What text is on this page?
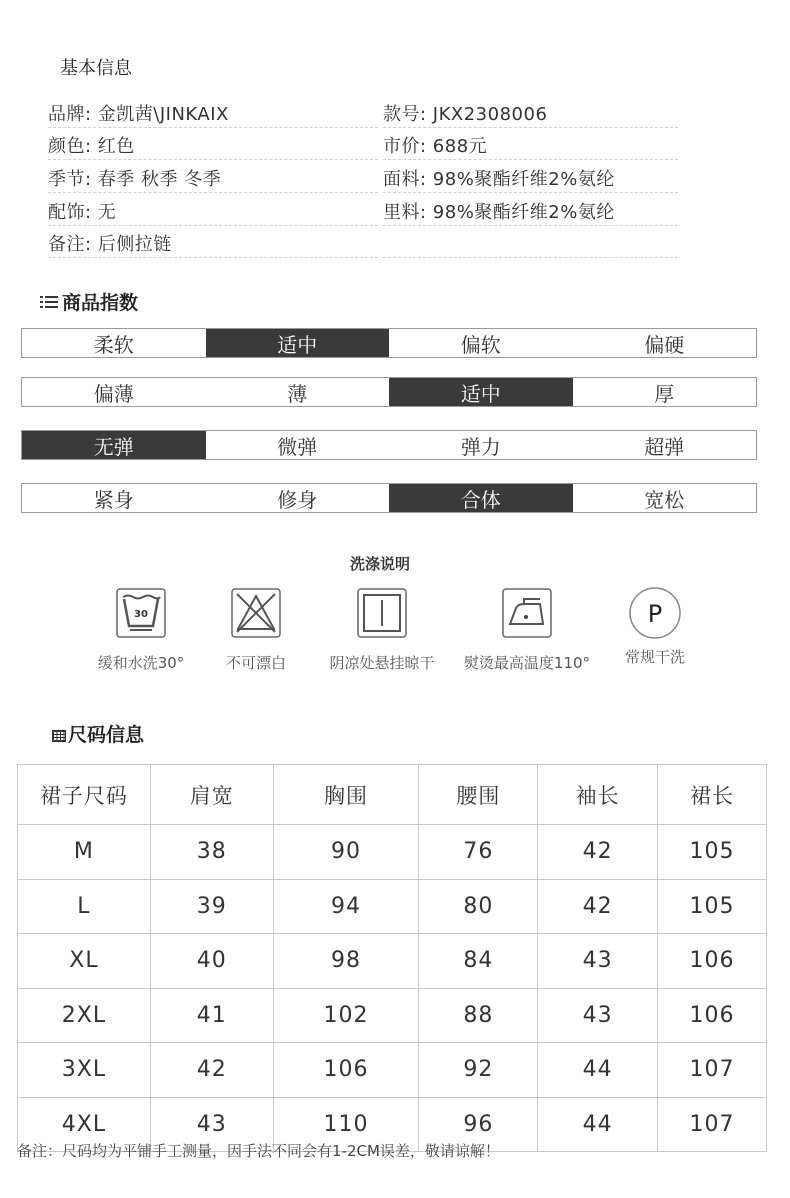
基本信息
品牌: 金凯茜\JINKAIX	款号: JKX2308006
颜色: 红色	市价: 688元
季节: 春季 秋季 冬季	面料: 98%聚酯纤维2%氨纶
配饰: 无	里料: 98%聚酯纤维2%氨纶
备注: 后侧拉链
商品指数
柔软	适中	偏软	偏硬
偏薄	薄	适中	厚
无弹	微弹	弹力	超弹
紧身	修身	合体	宽松
洗涤说明
30
缓和水洗30°	不可漂白	阴凉处悬挂晾干	熨烫最高温度110°
P
常规干洗
尺码信息
裙子尺码	肩宽	胸围	腰围	袖长	裙长
M	38	90	76	42	105
L	39	94	80	42	105
XL	40	98	84	43	106
2XL	41	102	88	43	106
3XL	42	106	92	44	107
4XL	43	110	96	44	107
备注：尺码均为平铺手工测量，因手法不同会有1-2CM误差，敬请谅解！
